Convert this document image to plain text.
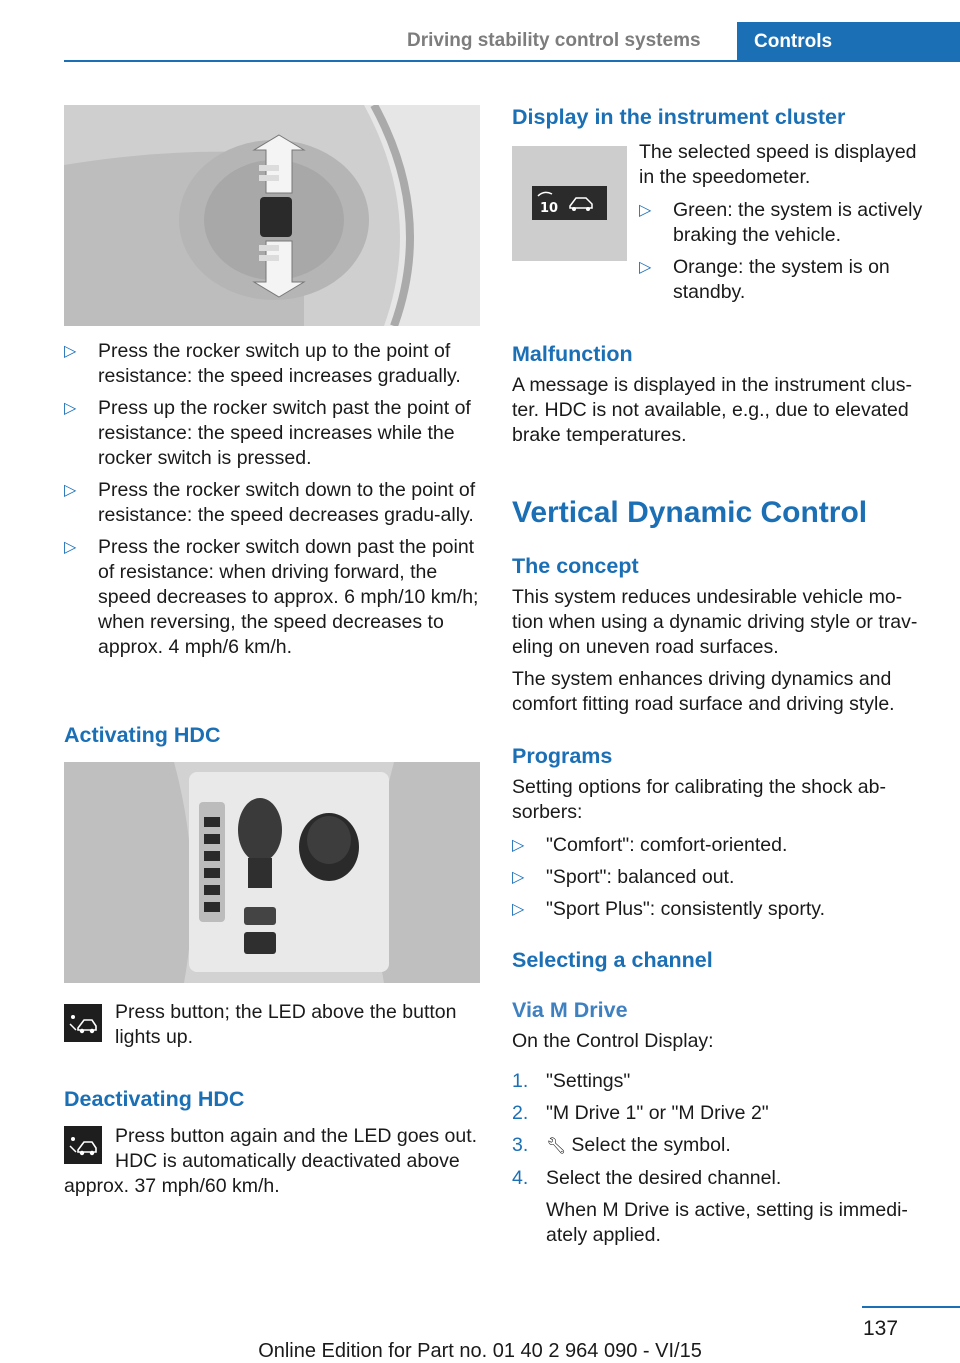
Driving stability control systems	Controls
▷ Press the rocker switch up to the point of resistance: the speed increases gradually.
▷ Press up the rocker switch past the point of resistance: the speed increases while the rocker switch is pressed.
▷ Press the rocker switch down to the point of resistance: the speed decreases gradu-ally.
▷ Press the rocker switch down past the point of resistance: when driving forward, the speed decreases to approx. 6 mph/10 km/h; when reversing, the speed decreases to approx. 4 mph/6 km/h.
Activating HDC

Press button; the LED above the button lights up.

Deactivating HDC

Press button again and the LED goes out. HDC is automatically deactivated above approx. 37 mph/60 km/h.

Display in the instrument cluster
10

The selected speed is displayed in the speedometer.

▷ Green: the system is actively braking the vehicle.
▷ Orange: the system is on standby.
Malfunction
A message is displayed in the instrument clus-ter. HDC is not available, e.g., due to elevated brake temperatures.
Vertical Dynamic Control
The concept

This system reduces undesirable vehicle mo-tion when using a dynamic driving style or trav-eling on uneven road surfaces.

The system enhances driving dynamics and comfort fitting road surface and driving style.

Programs

Setting options for calibrating the shock ab-sorbers:

▷ "Comfort": comfort-oriented.
▷ "Sport": balanced out.
▷ "Sport Plus": consistently sporty.
Selecting a channel
Via M Drive

On the Control Display:

1. "Settings"
2. "M Drive 1" or "M Drive 2"
3. 🔧︎ Select the symbol.
4. Select the desired channel.

When M Drive is active, setting is immedi-ately applied.

137
Online Edition for Part no. 01 40 2 964 090 - VI/15
